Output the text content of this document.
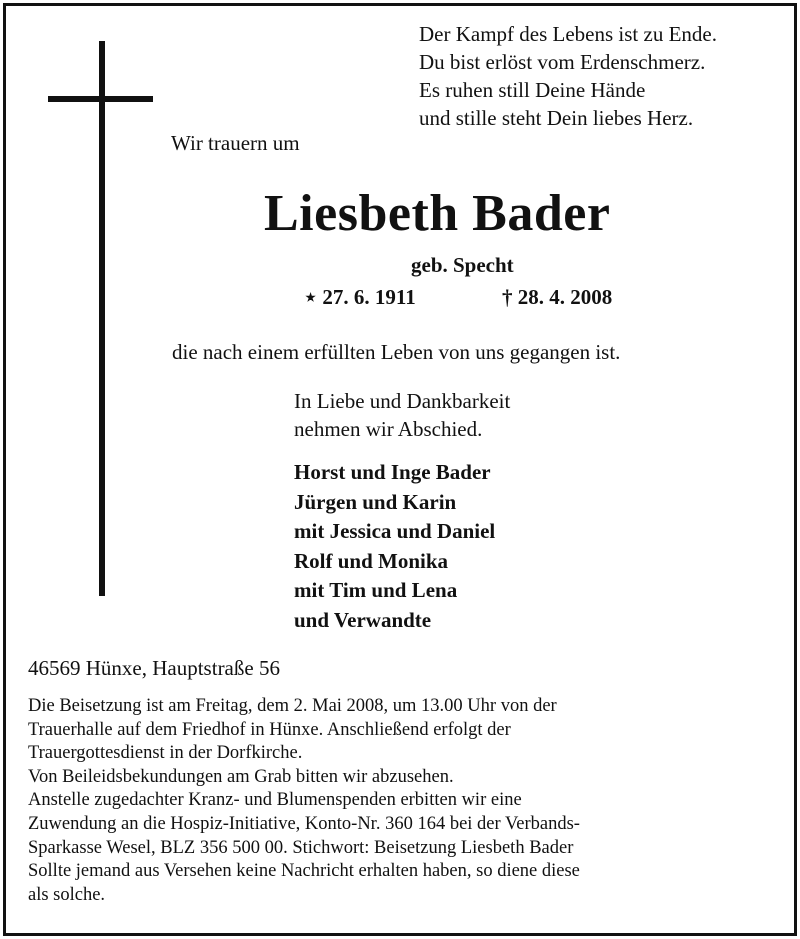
Der Kampf des Lebens ist zu Ende.
Du bist erlöst vom Erdenschmerz.
Es ruhen still Deine Hände
und stille steht Dein liebes Herz.
Wir trauern um
Liesbeth Bader
geb. Specht
⋆ 27. 6. 1911	† 28. 4. 2008
die nach einem erfüllten Leben von uns gegangen ist.
In Liebe und Dankbarkeit
nehmen wir Abschied.
Horst und Inge Bader
Jürgen und Karin
mit Jessica und Daniel
Rolf und Monika
mit Tim und Lena
und Verwandte
46569 Hünxe, Hauptstraße 56
Die Beisetzung ist am Freitag, dem 2. Mai 2008, um 13.00 Uhr von der
Trauerhalle auf dem Friedhof in Hünxe. Anschließend erfolgt der
Trauergottesdienst in der Dorfkirche.
Von Beileidsbekundungen am Grab bitten wir abzusehen.
Anstelle zugedachter Kranz- und Blumenspenden erbitten wir eine
Zuwendung an die Hospiz-Initiative, Konto-Nr. 360 164 bei der Verbands-
Sparkasse Wesel, BLZ 356 500 00. Stichwort: Beisetzung Liesbeth Bader
Sollte jemand aus Versehen keine Nachricht erhalten haben, so diene diese
als solche.
